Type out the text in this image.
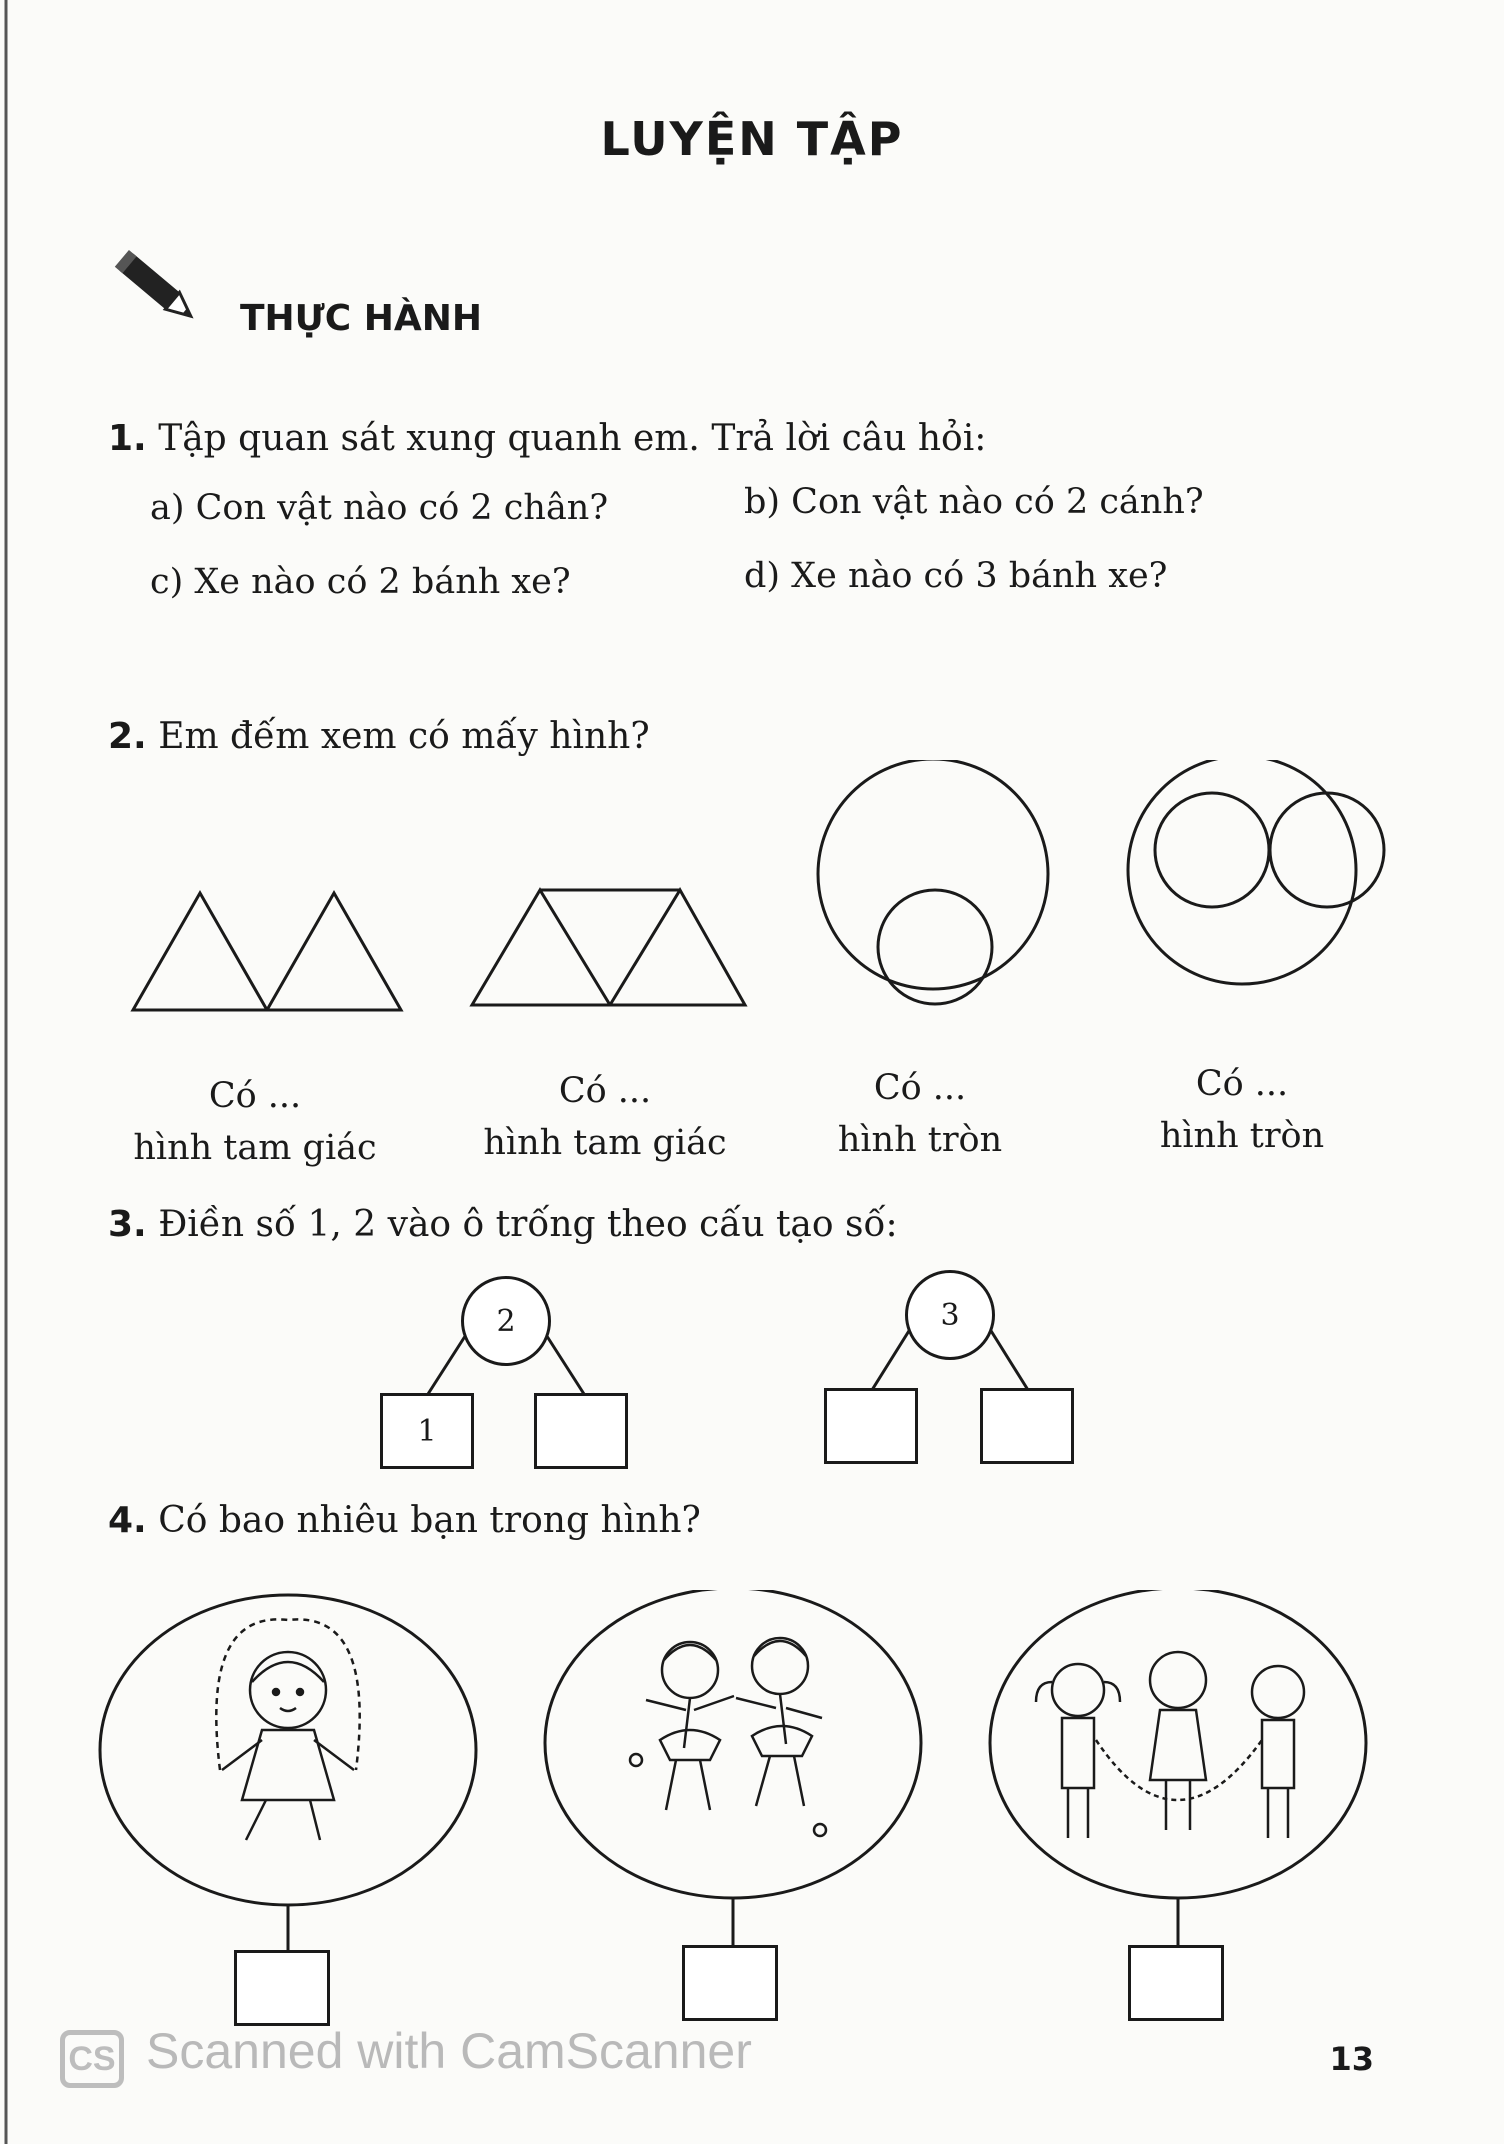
LUYỆN TẬP
THỰC HÀNH
1. Tập quan sát xung quanh em. Trả lời câu hỏi:
a) Con vật nào có 2 chân?	b) Con vật nào có 2 cánh?
c) Xe nào có 2 bánh xe?	d) Xe nào có 3 bánh xe?
2. Em đếm xem có mấy hình?
Có ...
hình tam giác
Có ...
hình tam giác
Có ...
hình tròn
Có ...
hình tròn
3. Điền số 1, 2 vào ô trống theo cấu tạo số:
2
1
3
4. Có bao nhiêu bạn trong hình?
CS Scanned with CamScanner	13
